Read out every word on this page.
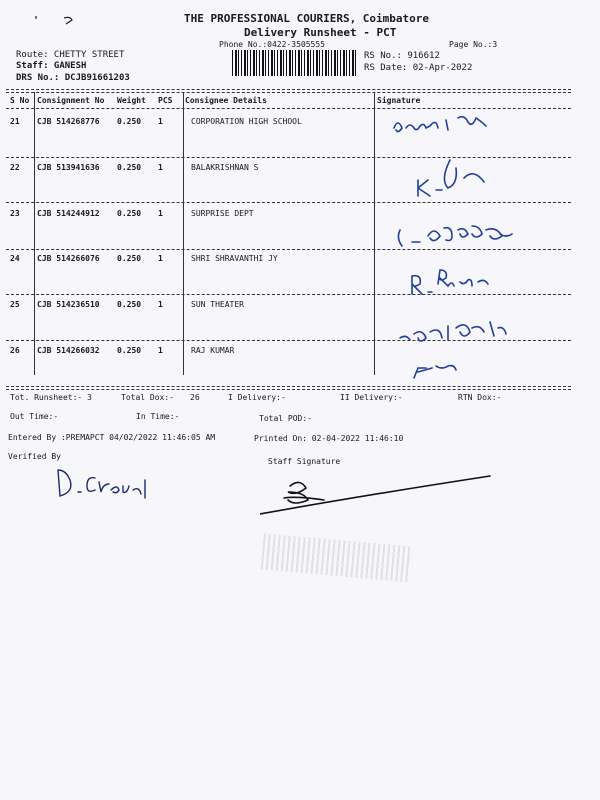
THE PROFESSIONAL COURIERS, Coimbatore
Delivery Runsheet - PCT
Phone No.:0422-3505555	Page No.:3
Route: CHETTY STREET
Staff: GANESH
DRS No.: DCJB91661203
RS No.: 916612
RS Date: 02-Apr-2022
S No Consignment No Weight PCS Consignee Details	Signature
21 CJB 514268776 0.250 1	CORPORATION HIGH SCHOOL
22 CJB 513941636 0.250 1	BALAKRISHNAN S
23 CJB 514244912 0.250 1	SURPRISE DEPT
24 CJB 514266076 0.250 1	SHRI SHRAVANTHI JY
25 CJB 514236510 0.250 1	SUN THEATER
26 CJB 514266032 0.250 1	RAJ KUMAR
Tot. Runsheet:- 3	Total Dox:- 26	I Delivery:-	II Delivery:-	RTN Dox:-
Out Time:-	In Time:-	Total POD:-
Entered By :PREMAPCT 04/02/2022 11:46:05 AM	Printed On: 02-04-2022 11:46:10
Verified By
Staff Signature
